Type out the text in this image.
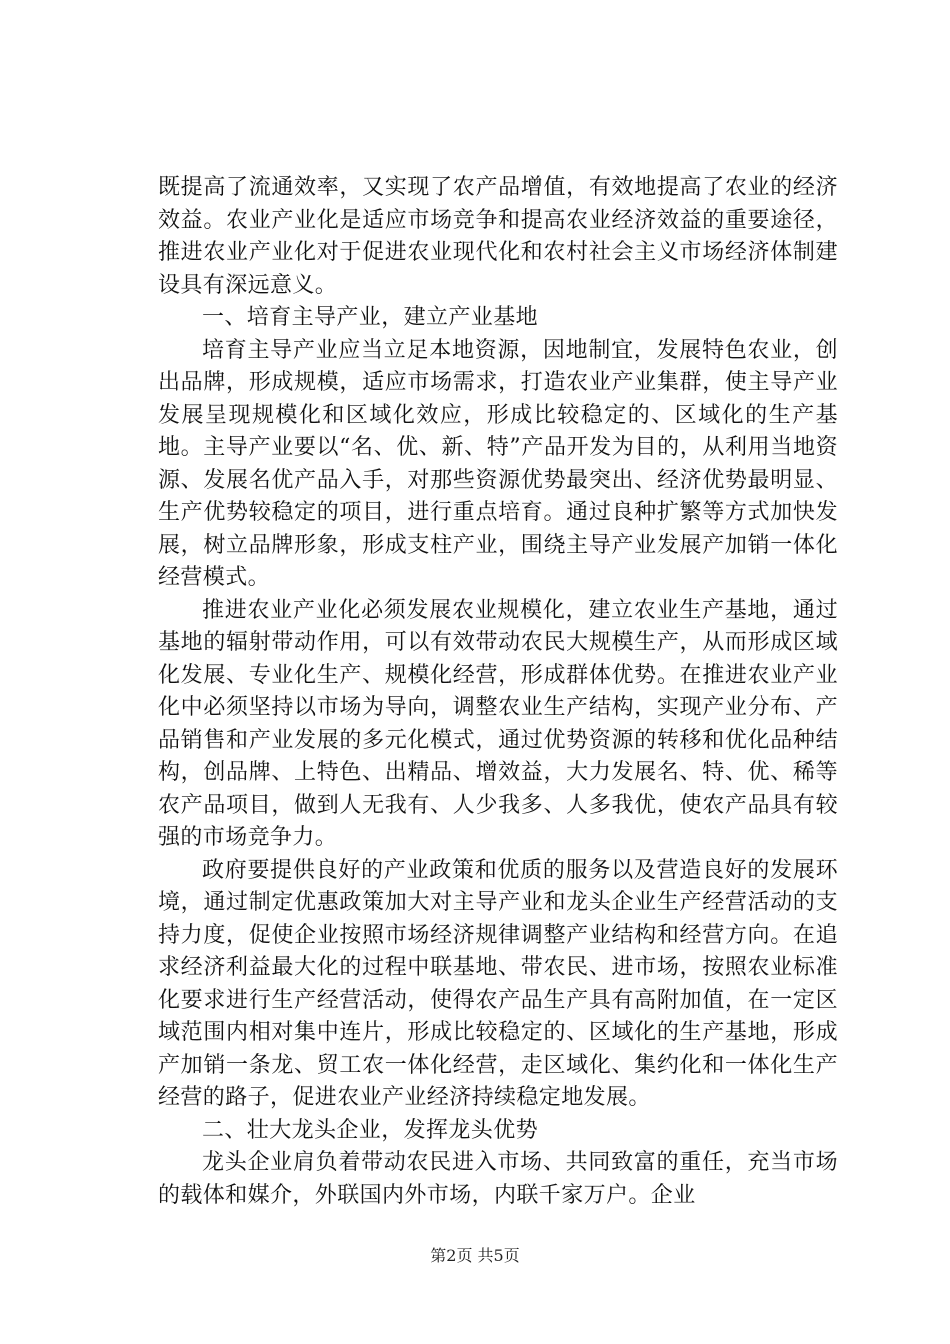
既提高了流通效率，又实现了农产品增值，有效地提高了农业的经济效益。农业产业化是适应市场竞争和提高农业经济效益的重要途径，推进农业产业化对于促进农业现代化和农村社会主义市场经济体制建设具有深远意义。

一、培育主导产业，建立产业基地

培育主导产业应当立足本地资源，因地制宜，发展特色农业，创出品牌，形成规模，适应市场需求，打造农业产业集群，使主导产业发展呈现规模化和区域化效应，形成比较稳定的、区域化的生产基地。主导产业要以“名、优、新、特”产品开发为目的，从利用当地资源、发展名优产品入手，对那些资源优势最突出、经济优势最明显、生产优势较稳定的项目，进行重点培育。通过良种扩繁等方式加快发展，树立品牌形象，形成支柱产业，围绕主导产业发展产加销一体化经营模式。

推进农业产业化必须发展农业规模化，建立农业生产基地，通过基地的辐射带动作用，可以有效带动农民大规模生产，从而形成区域化发展、专业化生产、规模化经营，形成群体优势。在推进农业产业化中必须坚持以市场为导向，调整农业生产结构，实现产业分布、产品销售和产业发展的多元化模式，通过优势资源的转移和优化品种结构，创品牌、上特色、出精品、增效益，大力发展名、特、优、稀等农产品项目，做到人无我有、人少我多、人多我优，使农产品具有较强的市场竞争力。

政府要提供良好的产业政策和优质的服务以及营造良好的发展环境，通过制定优惠政策加大对主导产业和龙头企业生产经营活动的支持力度，促使企业按照市场经济规律调整产业结构和经营方向。在追求经济利益最大化的过程中联基地、带农民、进市场，按照农业标准化要求进行生产经营活动，使得农产品生产具有高附加值，在一定区域范围内相对集中连片，形成比较稳定的、区域化的生产基地，形成产加销一条龙、贸工农一体化经营，走区域化、集约化和一体化生产经营的路子，促进农业产业经济持续稳定地发展。

二、壮大龙头企业，发挥龙头优势

龙头企业肩负着带动农民进入市场、共同致富的重任，充当市场的载体和媒介，外联国内外市场，内联千家万户。企业

第2页 共5页
